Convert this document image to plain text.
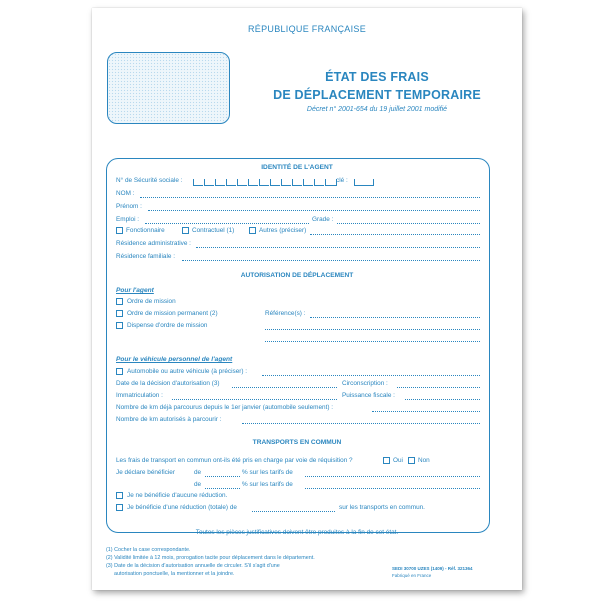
RÉPUBLIQUE FRANÇAISE
ÉTAT DES FRAIS
DE DÉPLACEMENT TEMPORAIRE
Décret n° 2001-654 du 19 juillet 2001 modifié
IDENTITÉ DE L'AGENT
N° de Sécurité sociale :	clé :
NOM :
Prénom :
Emploi :	Grade :
Fonctionnaire	Contractuel (1)	Autres (préciser)
Résidence administrative :
Résidence familiale :
AUTORISATION DE DÉPLACEMENT
Pour l'agent
Ordre de mission
Ordre de mission permanent (2)	Référence(s) :
Dispense d'ordre de mission
Pour le véhicule personnel de l'agent
Automobile ou autre véhicule (à préciser) :
Date de la décision d'autorisation (3)	Circonscription :
Immatriculation :	Puissance fiscale :
Nombre de km déjà parcourus depuis le 1er janvier (automobile seulement) :
Nombre de km autorisés à parcourir :
TRANSPORTS EN COMMUN
Les frais de transport en commun ont-ils été pris en charge par voie de réquisition ?	Oui Non
Je déclare bénéficier	de	% sur les tarifs de
de	% sur les tarifs de
Je ne bénéficie d'aucune réduction.
Je bénéficie d'une réduction (totale) de	sur les transports en commun.
Toutes les pièces justificatives doivent être produites à la fin de cet état.
(1) Cocher la case correspondante.
(2) Validité limitée à 12 mois, prorogation tacite pour déplacement dans le département.
(3) Date de la décision d'autorisation annuelle de circuler. S'il s'agit d'une
autorisation ponctuelle, la mentionner et la joindre.
SEDI 30700 UZES (1409) - Réf. 321364
Fabriqué en France
